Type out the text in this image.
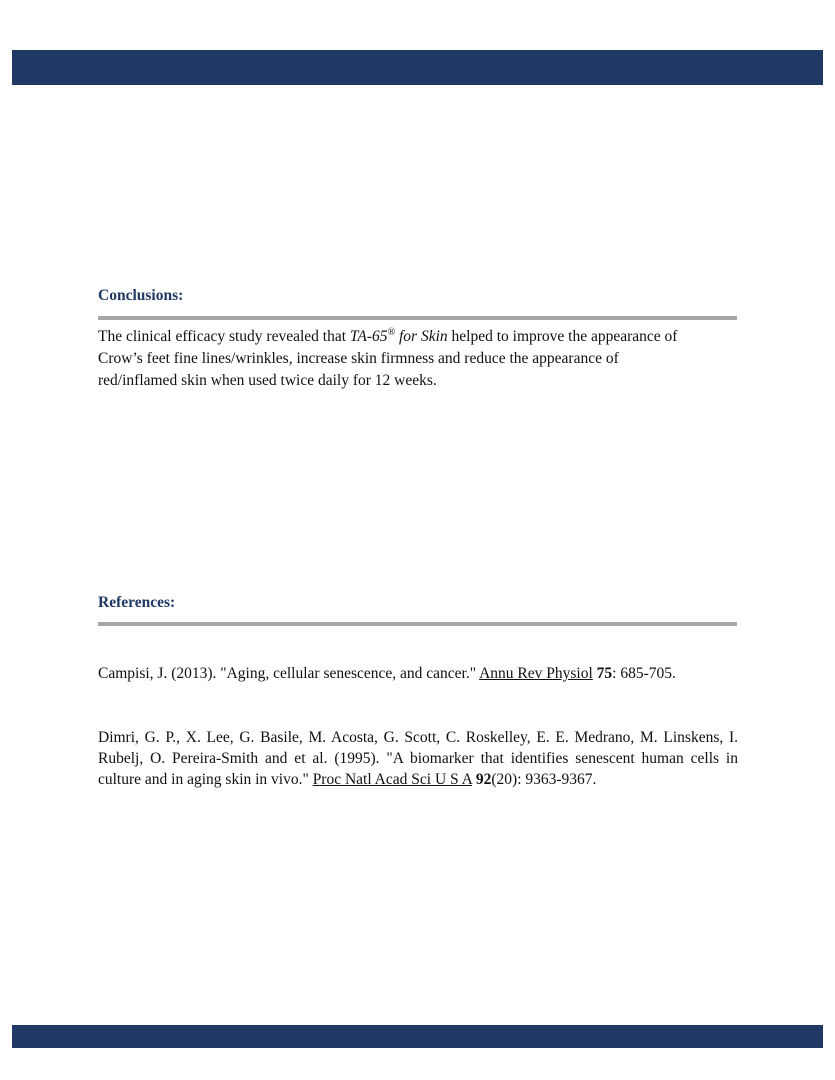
Conclusions:
The clinical efficacy study revealed that TA-65® for Skin helped to improve the appearance of
Crow’s feet fine lines/wrinkles, increase skin firmness and reduce the appearance of
red/inflamed skin when used twice daily for 12 weeks.
References:

Campisi, J. (2013). "Aging, cellular senescence, and cancer." Annu Rev Physiol 75: 685-705.

Dimri, G. P., X. Lee, G. Basile, M. Acosta, G. Scott, C. Roskelley, E. E. Medrano, M. Linskens, I. Rubelj, O. Pereira-Smith and et al. (1995). "A biomarker that identifies senescent human cells in culture and in aging skin in vivo." Proc Natl Acad Sci U S A 92(20): 9363-9367.
